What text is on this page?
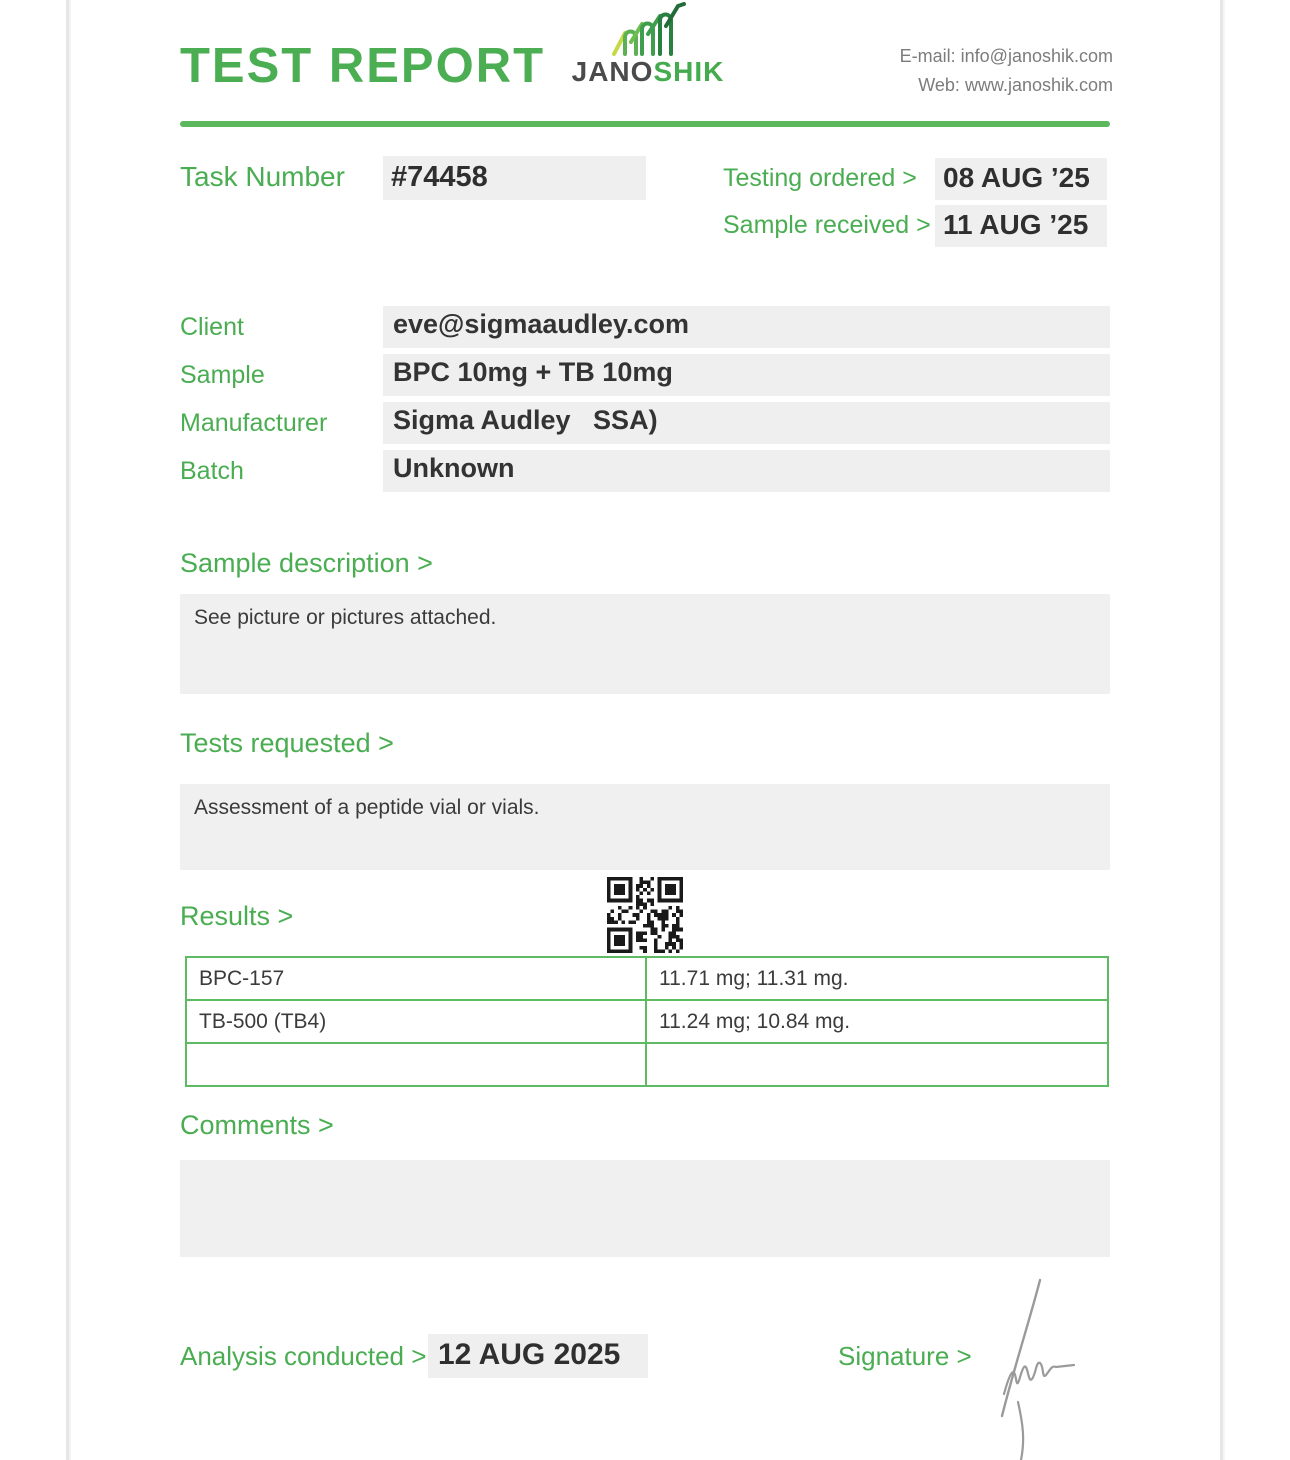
TEST REPORT JANOSHIK	E-mail: info@janoshik.com
Web: www.janoshik.com
Task Number #74458	Testing ordered > 08 AUG ’25
Sample received > 11 AUG ’25
Client	eve@sigmaaudley.com
Sample	BPC 10mg + TB 10mg
Manufacturer	Sigma Audley   SSA)
Batch	Unknown
Sample description >
See picture or pictures attached.
Tests requested >
Assessment of a peptide vial or vials.
Results >
BPC-157	11.71 mg; 11.31 mg.
TB-500 (TB4)	11.24 mg; 10.84 mg.
Comments >
Analysis conducted > 12 AUG 2025	Signature >
